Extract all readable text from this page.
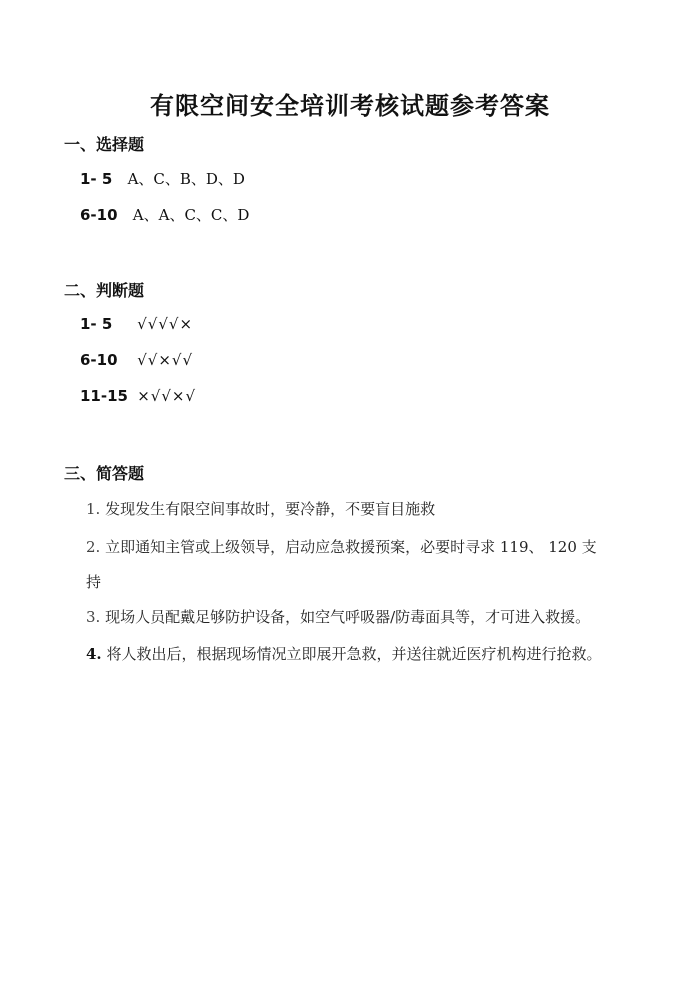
有限空间安全培训考核试题参考答案
一、选择题
1- 5 A、C、B、D、D
6-10 A、A、C、C、D
二、判断题
1- 5 √√√√×
6-10 √√×√√
11-15 ×√√×√
三、简答题
1. 发现发生有限空间事故时，要冷静，不要盲目施救
2. 立即通知主管或上级领导，启动应急救援预案，必要时寻求 119、 120 支
持
3. 现场人员配戴足够防护设备，如空气呼吸器/防毒面具等，才可进入救援。
4. 将人救出后，根据现场情况立即展开急救，并送往就近医疗机构进行抢救。
